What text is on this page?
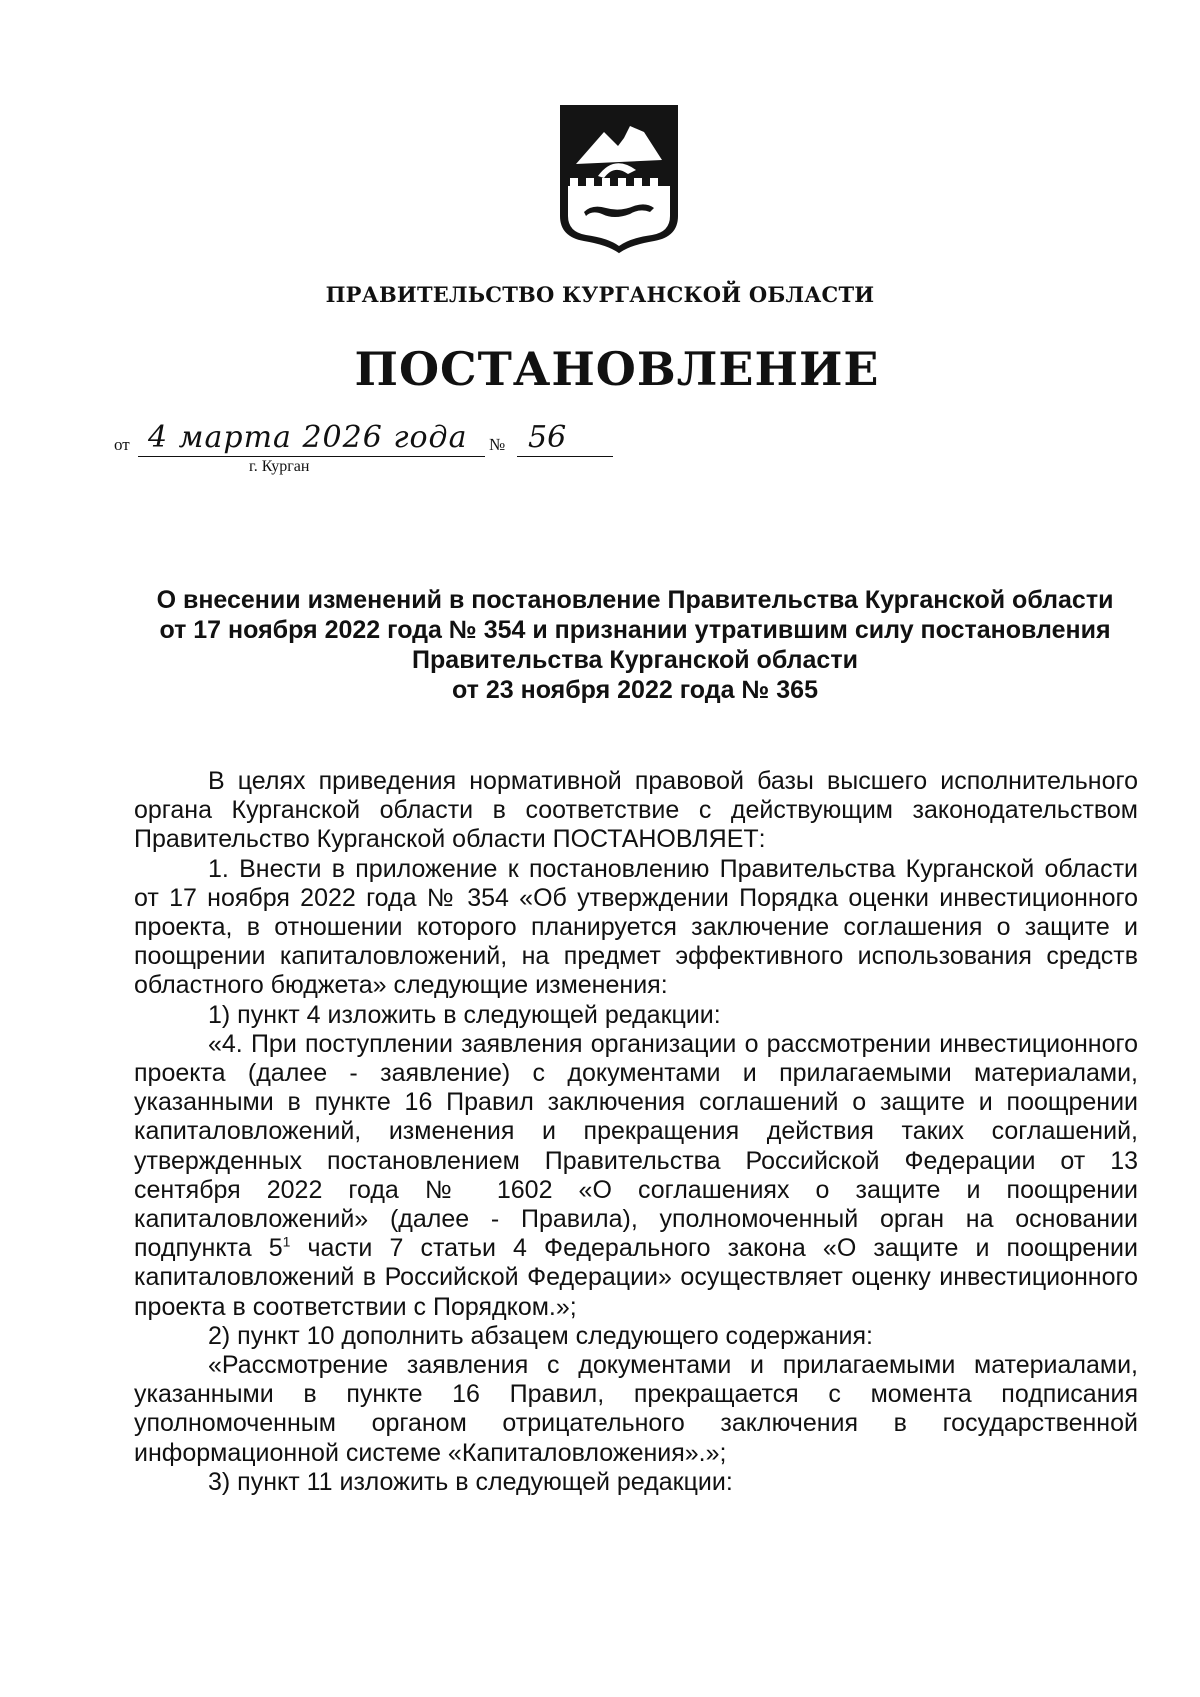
ПРАВИТЕЛЬСТВО КУРГАНСКОЙ ОБЛАСТИ
ПОСТАНОВЛЕНИЕ
от 4 марта 2026 года № 56
г. Курган
О внесении изменений в постановление Правительства Курганской области
от 17 ноября 2022 года № 354 и признании утратившим силу постановления
Правительства Курганской области
от 23 ноября 2022 года № 365

В целях приведения нормативной правовой базы высшего исполнительного органа Курганской области в соответствие с действующим законодательством Правительство Курганской области ПОСТАНОВЛЯЕТ:

1. Внести в приложение к постановлению Правительства Курганской области от 17 ноября 2022 года № 354 «Об утверждении Порядка оценки инвестиционного проекта, в отношении которого планируется заключение соглашения о защите и поощрении капиталовложений, на предмет эффективного использования средств областного бюджета» следующие изменения:

1) пункт 4 изложить в следующей редакции:

«4. При поступлении заявления организации о рассмотрении инвестиционного проекта (далее - заявление) с документами и прилагаемыми материалами, указанными в пункте 16 Правил заключения соглашений о защите и поощрении капиталовложений, изменения и прекращения действия таких соглашений, утвержденных постановлением Правительства Российской Федерации от 13 сентября 2022 года № 1602 «О соглашениях о защите и поощрении капиталовложений» (далее - Правила), уполномоченный орган на основании подпункта $5^1$ части 7 статьи 4 Федерального закона «О защите и поощрении капиталовложений в Российской Федерации» осуществляет оценку инвестиционного проекта в соответствии с Порядком.»;

2) пункт 10 дополнить абзацем следующего содержания:

«Рассмотрение заявления с документами и прилагаемыми материалами, указанными в пункте 16 Правил, прекращается с момента подписания уполномоченным органом отрицательного заключения в государственной информационной системе «Капиталовложения».»;

3) пункт 11 изложить в следующей редакции:
